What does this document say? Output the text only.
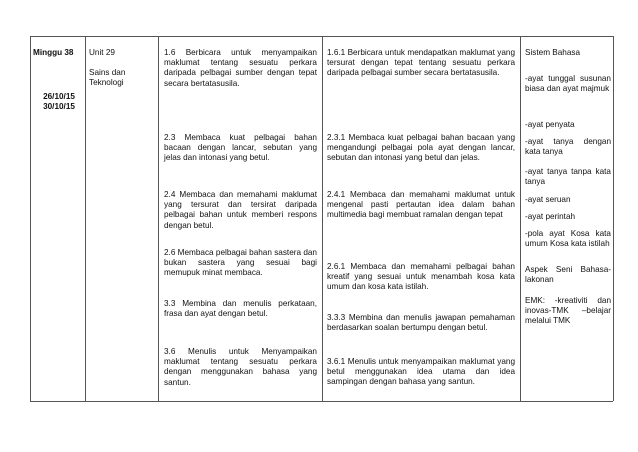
Minggu 38
26/10/15
30/10/15
Unit 29
Sains dan Teknologi
1.6 Berbicara untuk menyampaikan maklumat tentang sesuatu perkara daripada pelbagai sumber dengan tepat secara bertatasusila.
2.3 Membaca kuat pelbagai bahan bacaan dengan lancar, sebutan yang jelas dan intonasi yang betul.
2.4 Membaca dan memahami maklumat yang tersurat dan tersirat daripada pelbagai bahan untuk memberi respons dengan betul.
2.6 Membaca pelbagai bahan sastera dan bukan sastera yang sesuai bagi memupuk minat membaca.
3.3 Membina dan menulis perkataan, frasa dan ayat dengan betul.
3.6 Menulis untuk Menyampaikan maklumat tentang sesuatu perkara dengan menggunakan bahasa yang santun.
1.6.1 Berbicara untuk mendapatkan maklumat yang tersurat dengan tepat tentang sesuatu perkara daripada pelbagai sumber secara bertatasusila.
2.3.1 Membaca kuat pelbagai bahan bacaan yang mengandungi pelbagai pola ayat dengan lancar, sebutan dan intonasi yang betul dan jelas.
2.4.1 Membaca dan memahami maklumat untuk mengenal pasti pertautan idea dalam bahan multimedia bagi membuat ramalan dengan tepat
2.6.1 Membaca dan memahami pelbagai bahan kreatif yang sesuai untuk menambah kosa kata umum dan kosa kata istilah.
3.3.3 Membina dan menulis jawapan pemahaman berdasarkan soalan bertumpu dengan betul.
3.6.1 Menulis untuk menyampaikan maklumat yang betul menggunakan idea utama dan idea sampingan dengan bahasa yang santun.
Sistem Bahasa
-ayat tunggal susunan biasa dan ayat majmuk
-ayat penyata
-ayat tanya dengan kata tanya
-ayat tanya tanpa kata tanya
-ayat seruan
-ayat perintah
-pola ayat Kosa kata umum Kosa kata istilah
Aspek Seni Bahasa-lakonan
EMK: -kreativiti dan inovas-TMK –belajar melalui TMK
